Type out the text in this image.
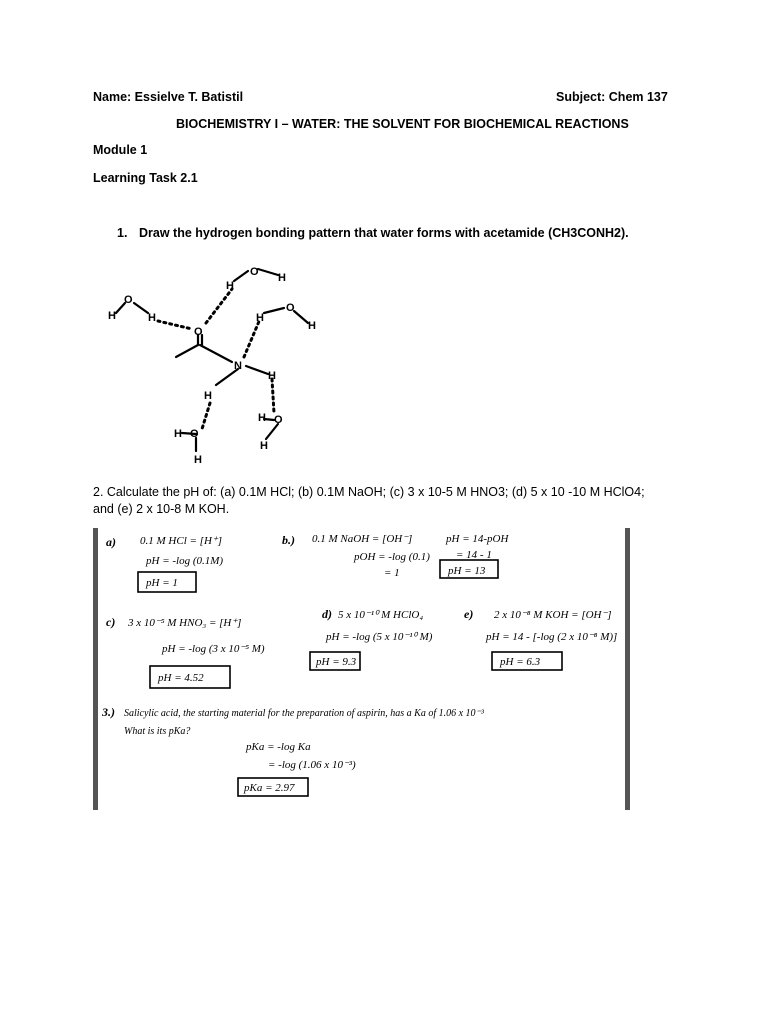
Name: Essielve T. Batistil	Subject: Chem 137
BIOCHEMISTRY I – WATER: THE SOLVENT FOR BIOCHEMICAL REACTIONS
Module 1
Learning Task 2.1
1. Draw the hydrogen bonding pattern that water forms with acetamide (CH3CONH2).
O
H	H
O
N
H
O H
H
O
H
H
H
H O
H
H O
H
2. Calculate the pH of: (a) 0.1M HCl; (b) 0.1M NaOH; (c) 3 x 10-5 M HNO3; (d) 5 x 10 -10 M HClO4;
and (e) 2 x 10-8 M KOH.
a) 0.1 M HCl = [H⁺]
pH = -log (0.1M)
pH = 1
b.) 0.1 M NaOH = [OH⁻]
pOH = -log (0.1)
= 1
pH = 14-pOH
= 14 - 1
pH = 13
c) 3 x 10⁻⁵ M HNO₃ = [H⁺]
pH = -log (3 x 10⁻⁵ M)
pH = 4.52
d) 5 x 10⁻¹⁰ M HClO₄
pH = -log (5 x 10⁻¹⁰ M)
pH = 9.3
e) 2 x 10⁻⁸ M KOH = [OH⁻]
pH = 14 - [-log (2 x 10⁻⁸ M)]
pH = 6.3
3.) Salicylic acid, the starting material for the preparation of aspirin, has a Ka of 1.06 x 10⁻³
What is its pKa?
pKa = -log Ka
= -log (1.06 x 10⁻³)
pKa = 2.97
